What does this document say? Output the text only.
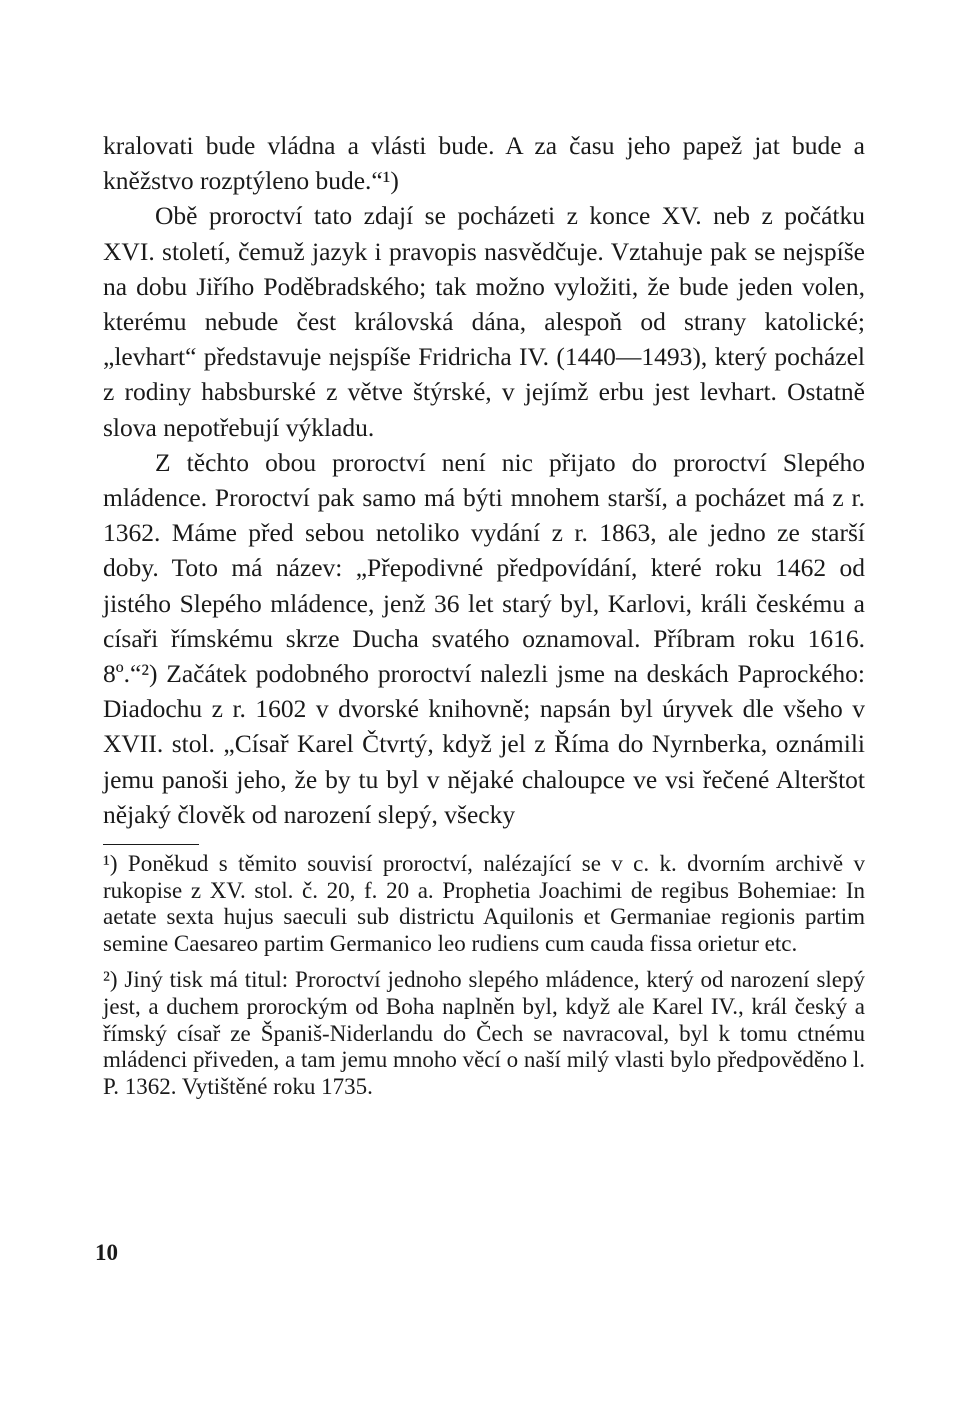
kralovati bude vládna a vlásti bude. A za času jeho papež jat bude a kněžstvo rozptýleno bude.“¹)

Obě proroctví tato zdají se pocházeti z konce XV. neb z počátku XVI. století, čemuž jazyk i pravopis nasvědčuje. Vztahuje pak se nejspíše na dobu Jiřího Poděbradského; tak možno vyložiti, že bude jeden volen, kterému nebude čest královská dána, alespoň od strany katolické; „levhart“ představuje nejspíše Fridricha IV. (1440—1493), který pocházel z rodiny habsburské z větve štýrské, v jejímž erbu jest levhart. Ostatně slova nepotřebují výkladu.

Z těchto obou proroctví není nic přijato do proroctví Slepého mládence. Proroctví pak samo má býti mnohem starší, a pocházet má z r. 1362. Máme před sebou netoliko vydání z r. 1863, ale jedno ze starší doby. Toto má název: „Přepodivné předpovídání, které roku 1462 od jistého Slepého mládence, jenž 36 let starý byl, Karlovi, králi českému a císaři římskému skrze Ducha svatého oznamoval. Příbram roku 1616. 8º.“²) Začátek podobného proroctví nalezli jsme na deskách Paprockého: Diadochu z r. 1602 v dvorské knihovně; napsán byl úryvek dle všeho v XVII. stol. „Císař Karel Čtvrtý, když jel z Říma do Nyrnberka, oznámili jemu panoši jeho, že by tu byl v nějaké chaloupce ve vsi řečené Alterštot nějaký člověk od narození slepý, všecky

¹) Poněkud s těmito souvisí proroctví, nalézající se v c. k. dvorním archivě v rukopise z XV. stol. č. 20, f. 20 a. Prophetia Joachimi de regibus Bohemiae: In aetate sexta hujus saeculi sub districtu Aquilonis et Germaniae regionis partim semine Caesareo partim Germanico leo rudiens cum cauda fissa orietur etc.

²) Jiný tisk má titul: Proroctví jednoho slepého mládence, který od narození slepý jest, a duchem prorockým od Boha naplněn byl, když ale Karel IV., král český a římský císař ze Španiš-Niderlandu do Čech se navracoval, byl k tomu ctnému mládenci přiveden, a tam jemu mnoho věcí o naší milý vlasti bylo předpověděno l. P. 1362. Vytištěné roku 1735.

10
